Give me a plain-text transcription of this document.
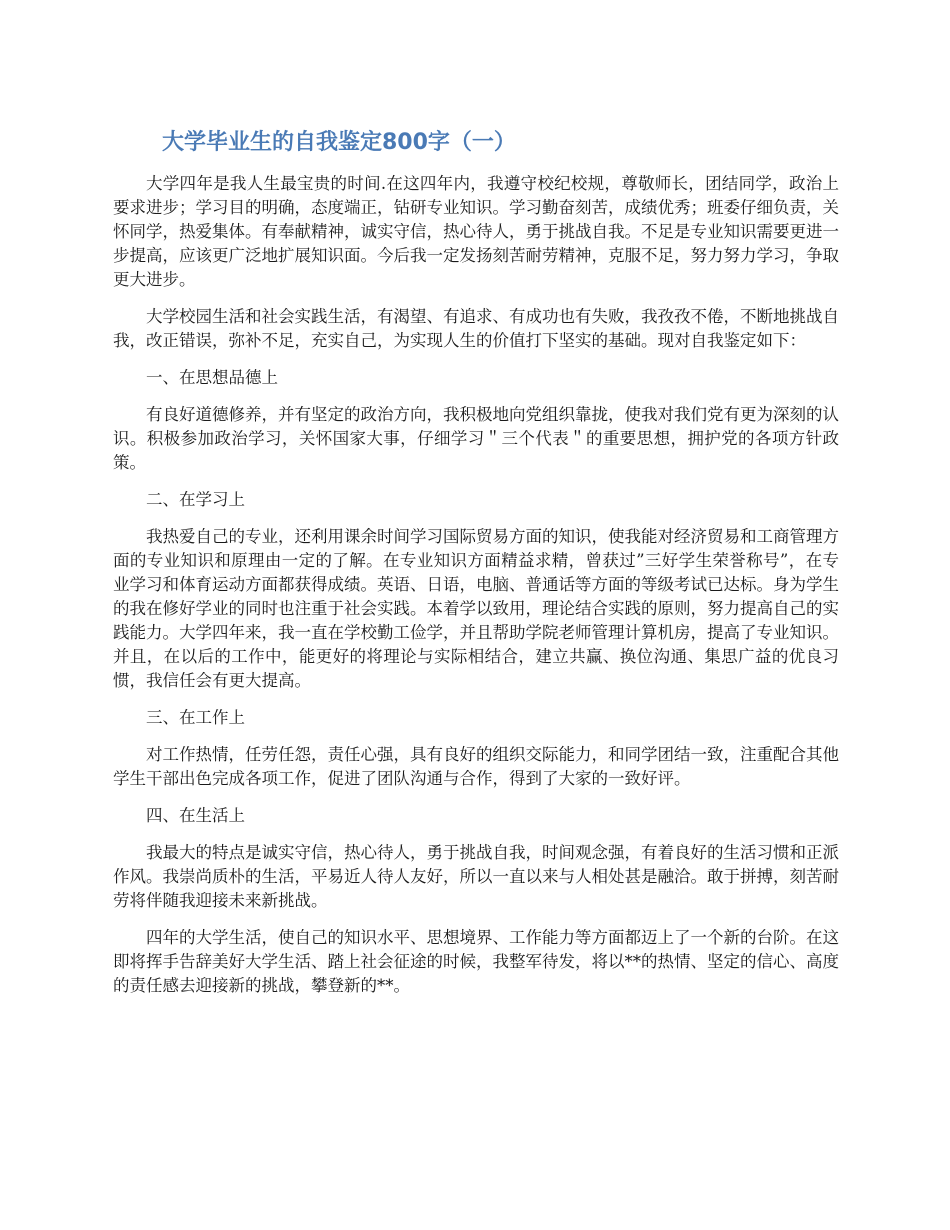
大学毕业生的自我鉴定800字（一）

大学四年是我人生最宝贵的时间.在这四年内，我遵守校纪校规，尊敬师长，团结同学，政治上要求进步；学习目的明确，态度端正，钻研专业知识。学习勤奋刻苦，成绩优秀；班委仔细负责，关怀同学，热爱集体。有奉献精神，诚实守信，热心待人，勇于挑战自我。不足是专业知识需要更进一步提高，应该更广泛地扩展知识面。今后我一定发扬刻苦耐劳精神，克服不足，努力努力学习，争取更大进步。

大学校园生活和社会实践生活，有渴望、有追求、有成功也有失败，我孜孜不倦，不断地挑战自我，改正错误，弥补不足，充实自己，为实现人生的价值打下坚实的基础。现对自我鉴定如下：

一、在思想品德上

有良好道德修养，并有坚定的政治方向，我积极地向党组织靠拢，使我对我们党有更为深刻的认识。积极参加政治学习，关怀国家大事，仔细学习＂三个代表＂的重要思想，拥护党的各项方针政策。

二、在学习上

我热爱自己的专业，还利用课余时间学习国际贸易方面的知识，使我能对经济贸易和工商管理方面的专业知识和原理由一定的了解。在专业知识方面精益求精，曾获过”三好学生荣誉称号”，在专业学习和体育运动方面都获得成绩。英语、日语，电脑、普通话等方面的等级考试已达标。身为学生的我在修好学业的同时也注重于社会实践。本着学以致用，理论结合实践的原则，努力提高自己的实践能力。大学四年来，我一直在学校勤工俭学，并且帮助学院老师管理计算机房，提高了专业知识。并且，在以后的工作中，能更好的将理论与实际相结合，建立共赢、换位沟通、集思广益的优良习惯，我信任会有更大提高。

三、在工作上

对工作热情，任劳任怨，责任心强，具有良好的组织交际能力，和同学团结一致，注重配合其他学生干部出色完成各项工作，促进了团队沟通与合作，得到了大家的一致好评。

四、在生活上

我最大的特点是诚实守信，热心待人，勇于挑战自我，时间观念强，有着良好的生活习惯和正派作风。我崇尚质朴的生活，平易近人待人友好，所以一直以来与人相处甚是融洽。敢于拼搏，刻苦耐劳将伴随我迎接未来新挑战。

四年的大学生活，使自己的知识水平、思想境界、工作能力等方面都迈上了一个新的台阶。在这即将挥手告辞美好大学生活、踏上社会征途的时候，我整军待发，将以**的热情、坚定的信心、高度的责任感去迎接新的挑战，攀登新的**。
